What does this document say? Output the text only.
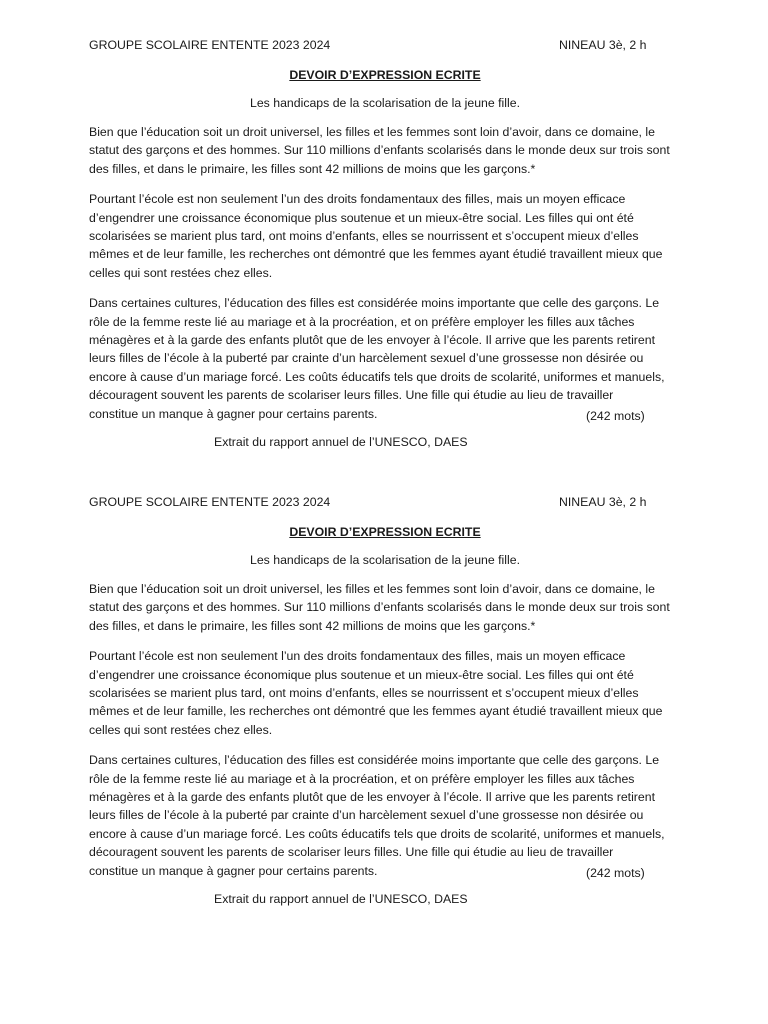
GROUPE SCOLAIRE ENTENTE 2023 2024	NINEAU 3è, 2 h
DEVOIR D’EXPRESSION ECRITE
Les handicaps de la scolarisation de la jeune fille.

Bien que l’éducation soit un droit universel, les filles et les femmes sont loin d’avoir, dans ce domaine, le statut des garçons et des hommes. Sur 110 millions d’enfants scolarisés dans le monde deux sur trois sont des filles, et dans le primaire, les filles sont 42 millions de moins que les garçons.*

Pourtant l’école est non seulement l’un des droits fondamentaux des filles, mais un moyen efficace d’engendrer une croissance économique plus soutenue et un mieux-être social. Les filles qui ont été scolarisées se marient plus tard, ont moins d’enfants, elles se nourrissent et s’occupent mieux d’elles mêmes et de leur famille, les recherches ont démontré que les femmes ayant étudié travaillent mieux que celles qui sont restées chez elles.

Dans certaines cultures, l’éducation des filles est considérée moins importante que celle des garçons. Le rôle de la femme reste lié au mariage et à la procréation, et on préfère employer les filles aux tâches ménagères et à la garde des enfants plutôt que de les envoyer à l’école. Il arrive que les parents retirent leurs filles de l’école à la puberté par crainte d’un harcèlement sexuel d’une grossesse non désirée ou encore à cause d’un mariage forcé. Les coûts éducatifs tels que droits de scolarité, uniformes et manuels, découragent souvent les parents de scolariser leurs filles. Une fille qui étudie au lieu de travailler
constitue un manque à gagner pour certains parents.	(242 mots)

Extrait du rapport annuel de l’UNESCO, DAES
GROUPE SCOLAIRE ENTENTE 2023 2024	NINEAU 3è, 2 h
DEVOIR D’EXPRESSION ECRITE
Les handicaps de la scolarisation de la jeune fille.

Bien que l’éducation soit un droit universel, les filles et les femmes sont loin d’avoir, dans ce domaine, le statut des garçons et des hommes. Sur 110 millions d’enfants scolarisés dans le monde deux sur trois sont des filles, et dans le primaire, les filles sont 42 millions de moins que les garçons.*

Pourtant l’école est non seulement l’un des droits fondamentaux des filles, mais un moyen efficace d’engendrer une croissance économique plus soutenue et un mieux-être social. Les filles qui ont été scolarisées se marient plus tard, ont moins d’enfants, elles se nourrissent et s’occupent mieux d’elles mêmes et de leur famille, les recherches ont démontré que les femmes ayant étudié travaillent mieux que celles qui sont restées chez elles.

Dans certaines cultures, l’éducation des filles est considérée moins importante que celle des garçons. Le rôle de la femme reste lié au mariage et à la procréation, et on préfère employer les filles aux tâches ménagères et à la garde des enfants plutôt que de les envoyer à l’école. Il arrive que les parents retirent leurs filles de l’école à la puberté par crainte d’un harcèlement sexuel d’une grossesse non désirée ou encore à cause d’un mariage forcé. Les coûts éducatifs tels que droits de scolarité, uniformes et manuels, découragent souvent les parents de scolariser leurs filles. Une fille qui étudie au lieu de travailler
constitue un manque à gagner pour certains parents.	(242 mots)

Extrait du rapport annuel de l’UNESCO, DAES
